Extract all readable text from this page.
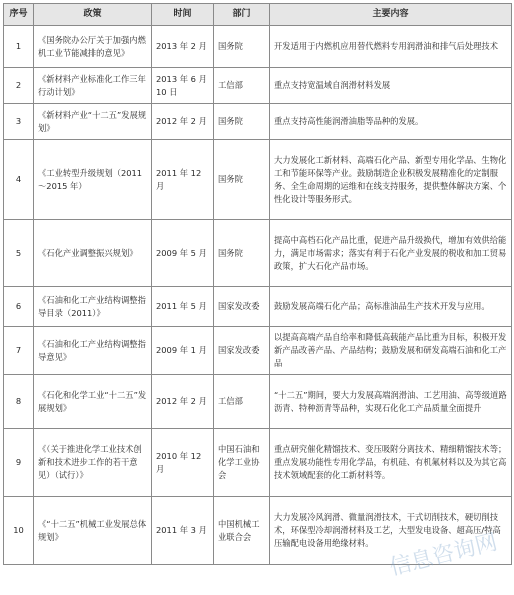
序号	政策	时间	部门	主要内容
1	《国务院办公厅关于加强内燃机工业节能减排的意见》	2013 年 2 月	国务院	开发适用于内燃机应用替代燃料专用润滑油和排气后处理技术
2	《新材料产业标准化工作三年行动计划》	2013 年 6 月 10 日	工信部	重点支持宽温域自润滑材料发展
3	《新材料产业“十二五”发展规划》	2012 年 2 月	国务院	重点支持高性能润滑油脂等品种的发展。
4	《工业转型升级规划（2011～2015 年）	2011 年 12 月	国务院	大力发展化工新材料、高端石化产品、新型专用化学品、生物化工和节能环保等产业。鼓励制造企业积极发展精准化的定制服务、全生命周期的运维和在线支持服务，提供整体解决方案、个性化设计等服务形式。
5	《石化产业调整振兴规划》	2009 年 5 月	国务院	提高中高档石化产品比重，促进产品升级换代，增加有效供给能力，满足市场需求；落实有利于石化产业发展的税收和加工贸易政策，扩大石化产品市场。
6	《石油和化工产业结构调整指导目录（2011）》	2011 年 5 月	国家发改委	鼓励发展高端石化产品；高标准油品生产技术开发与应用。
7	《石油和化工产业结构调整指导意见》	2009 年 1 月	国家发改委	以提高高端产品自给率和降低高载能产品比重为目标，积极开发新产品改善产品、产品结构；鼓励发展和研发高端石油和化工产品
8	《石化和化学工业“十二五”发展规划》	2012 年 2 月	工信部	“十二五”期间，要大力发展高端润滑油、工艺用油、高等级道路沥青、特种沥青等品种，实现石化化工产品质量全面提升
9	《（关于推进化学工业技术创新和技术进步工作的若干意见）（试行）》	2010 年 12 月	中国石油和化学工业协会	重点研究催化精馏技术、变压吸附分离技术、精细精馏技术等；重点发展功能性专用化学品，有机硅、有机氟材料以及为其它高技术领域配套的化工新材料等。
10	《“十二五”机械工业发展总体规划》	2011 年 3 月	中国机械工业联合会	大力发展冷风润滑、微量润滑技术，干式切削技术，硬切削技术，环保型冷却润滑材料及工艺，大型发电设备、超高压/特高压输配电设备用绝缘材料。 信息咨询网
